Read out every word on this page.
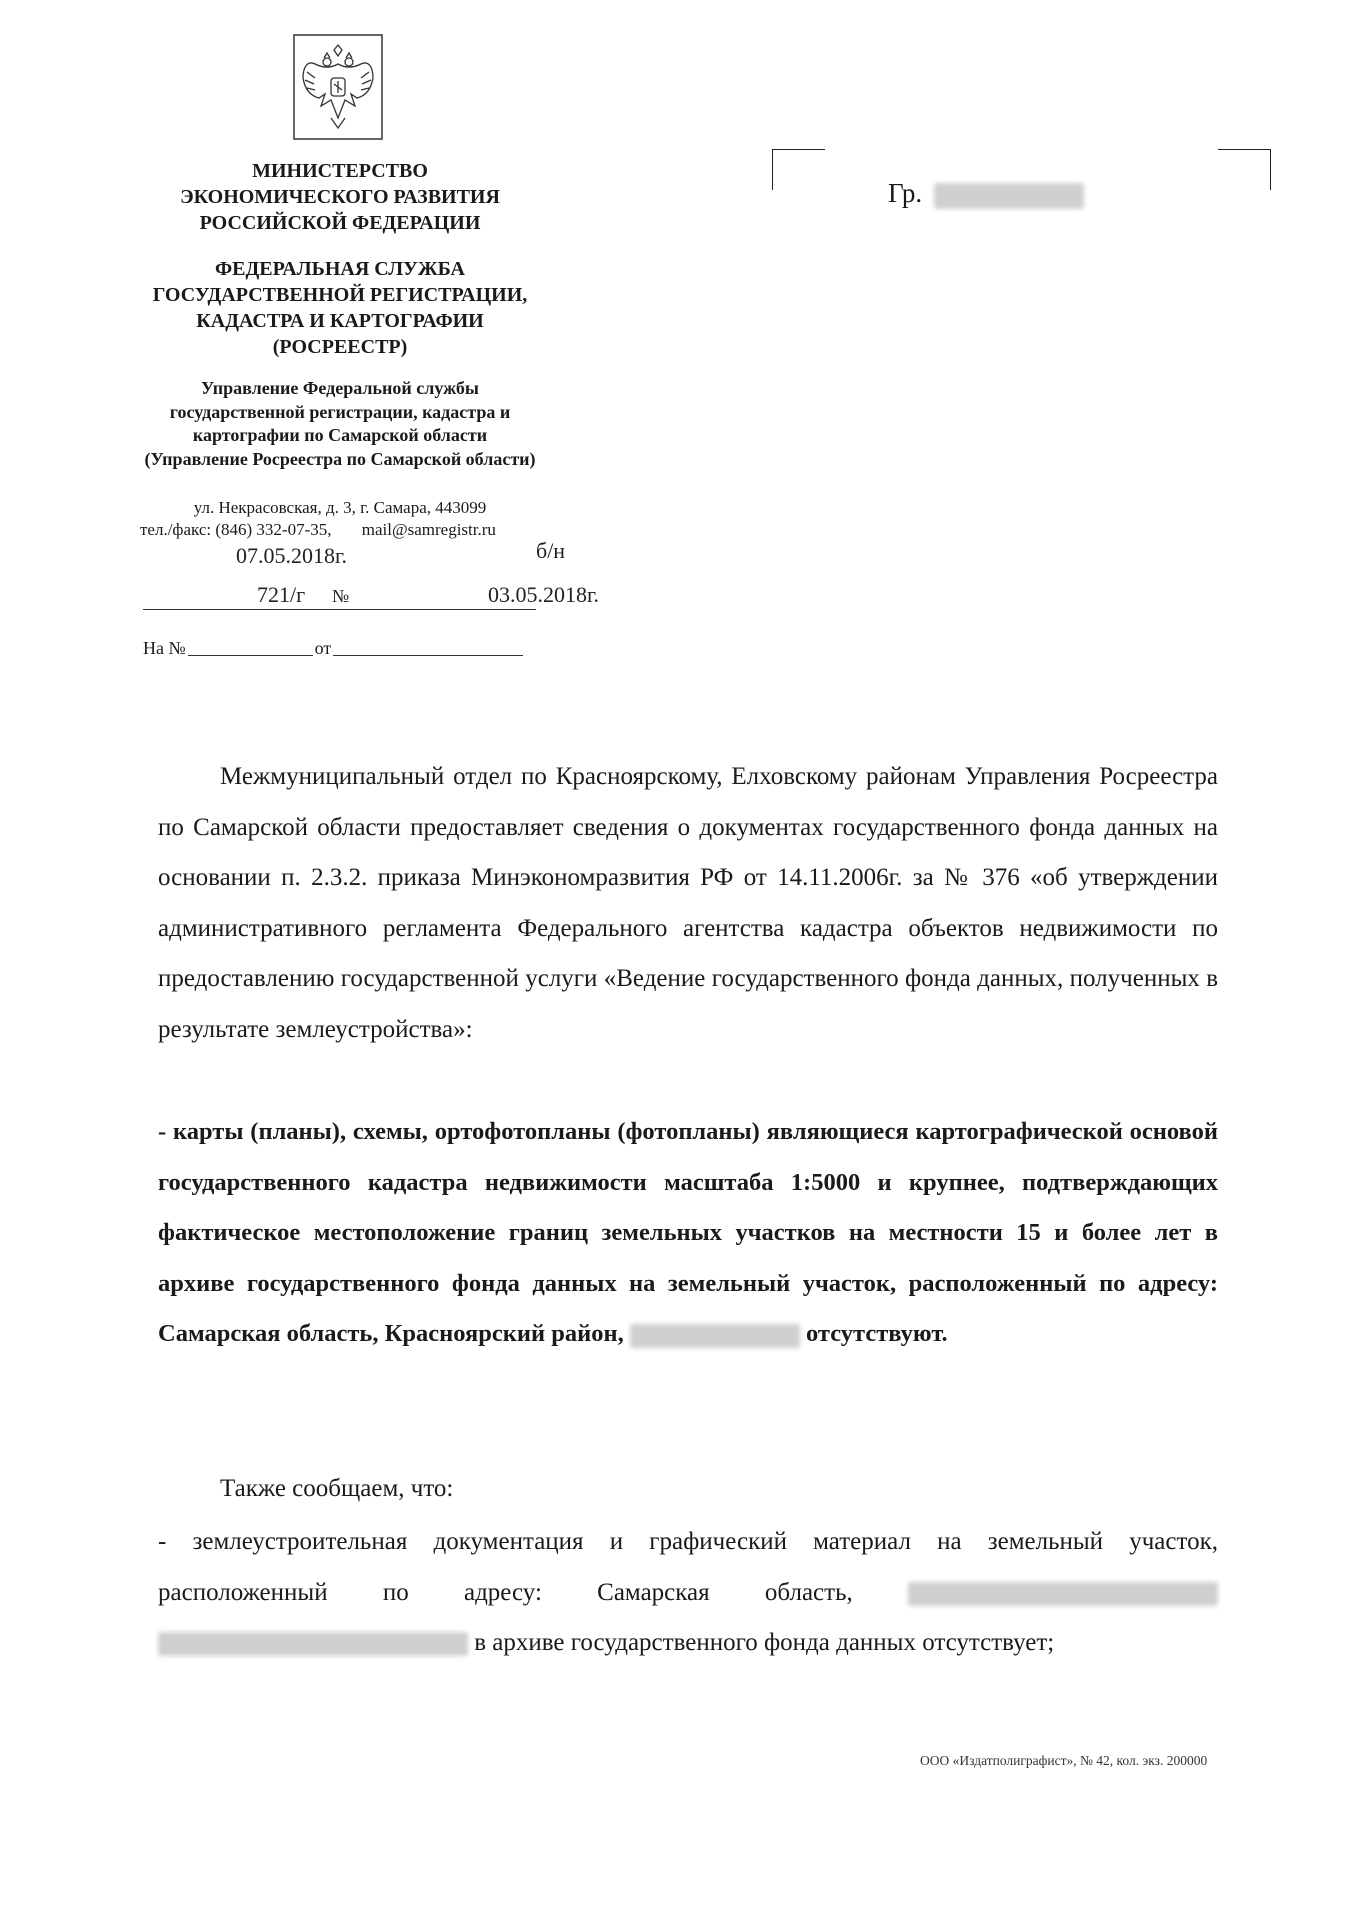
МИНИСТЕРСТВО
ЭКОНОМИЧЕСКОГО РАЗВИТИЯ
РОССИЙСКОЙ ФЕДЕРАЦИИ
ФЕДЕРАЛЬНАЯ СЛУЖБА
ГОСУДАРСТВЕННОЙ РЕГИСТРАЦИИ,
КАДАСТРА И КАРТОГРАФИИ
(РОСРЕЕСТР)
Управление Федеральной службы
государственной регистрации, кадастра и
картографии по Самарской области
(Управление Росреестра по Самарской области)
ул. Некрасовская, д. 3, г. Самара, 443099
тел./факс: (846) 332-07-35, mail@samregistr.ru
07.05.2018г.	б/н
721/г №	03.05.2018г.
На №	от
Гр.

Межмуниципальный отдел по Красноярскому, Елховскому районам Управления Росреестра по Самарской области предоставляет сведения о документах государственного фонда данных на основании п. 2.3.2. приказа Минэкономразвития РФ от 14.11.2006г. за № 376 «об утверждении административного регламента Федерального агентства кадастра объектов недвижимости по предоставлению государственной услуги «Ведение государственного фонда данных, полученных в результате землеустройства»:

- карты (планы), схемы, ортофотопланы (фотопланы) являющиеся картографической основой государственного кадастра недвижимости масштаба 1:5000 и крупнее, подтверждающих фактическое местоположение границ земельных участков на местности 15 и более лет в архиве государственного фонда данных на земельный участок, расположенный по адресу: Самарская область, Красноярский район,	отсутствуют.

Также сообщаем, что:

- землеустроительная документация и графический материал на земельный участок, расположенный по адресу: Самарская область,   в архиве государственного фонда данных отсутствует;

ООО «Издатполиграфист», № 42, кол. экз. 200000
